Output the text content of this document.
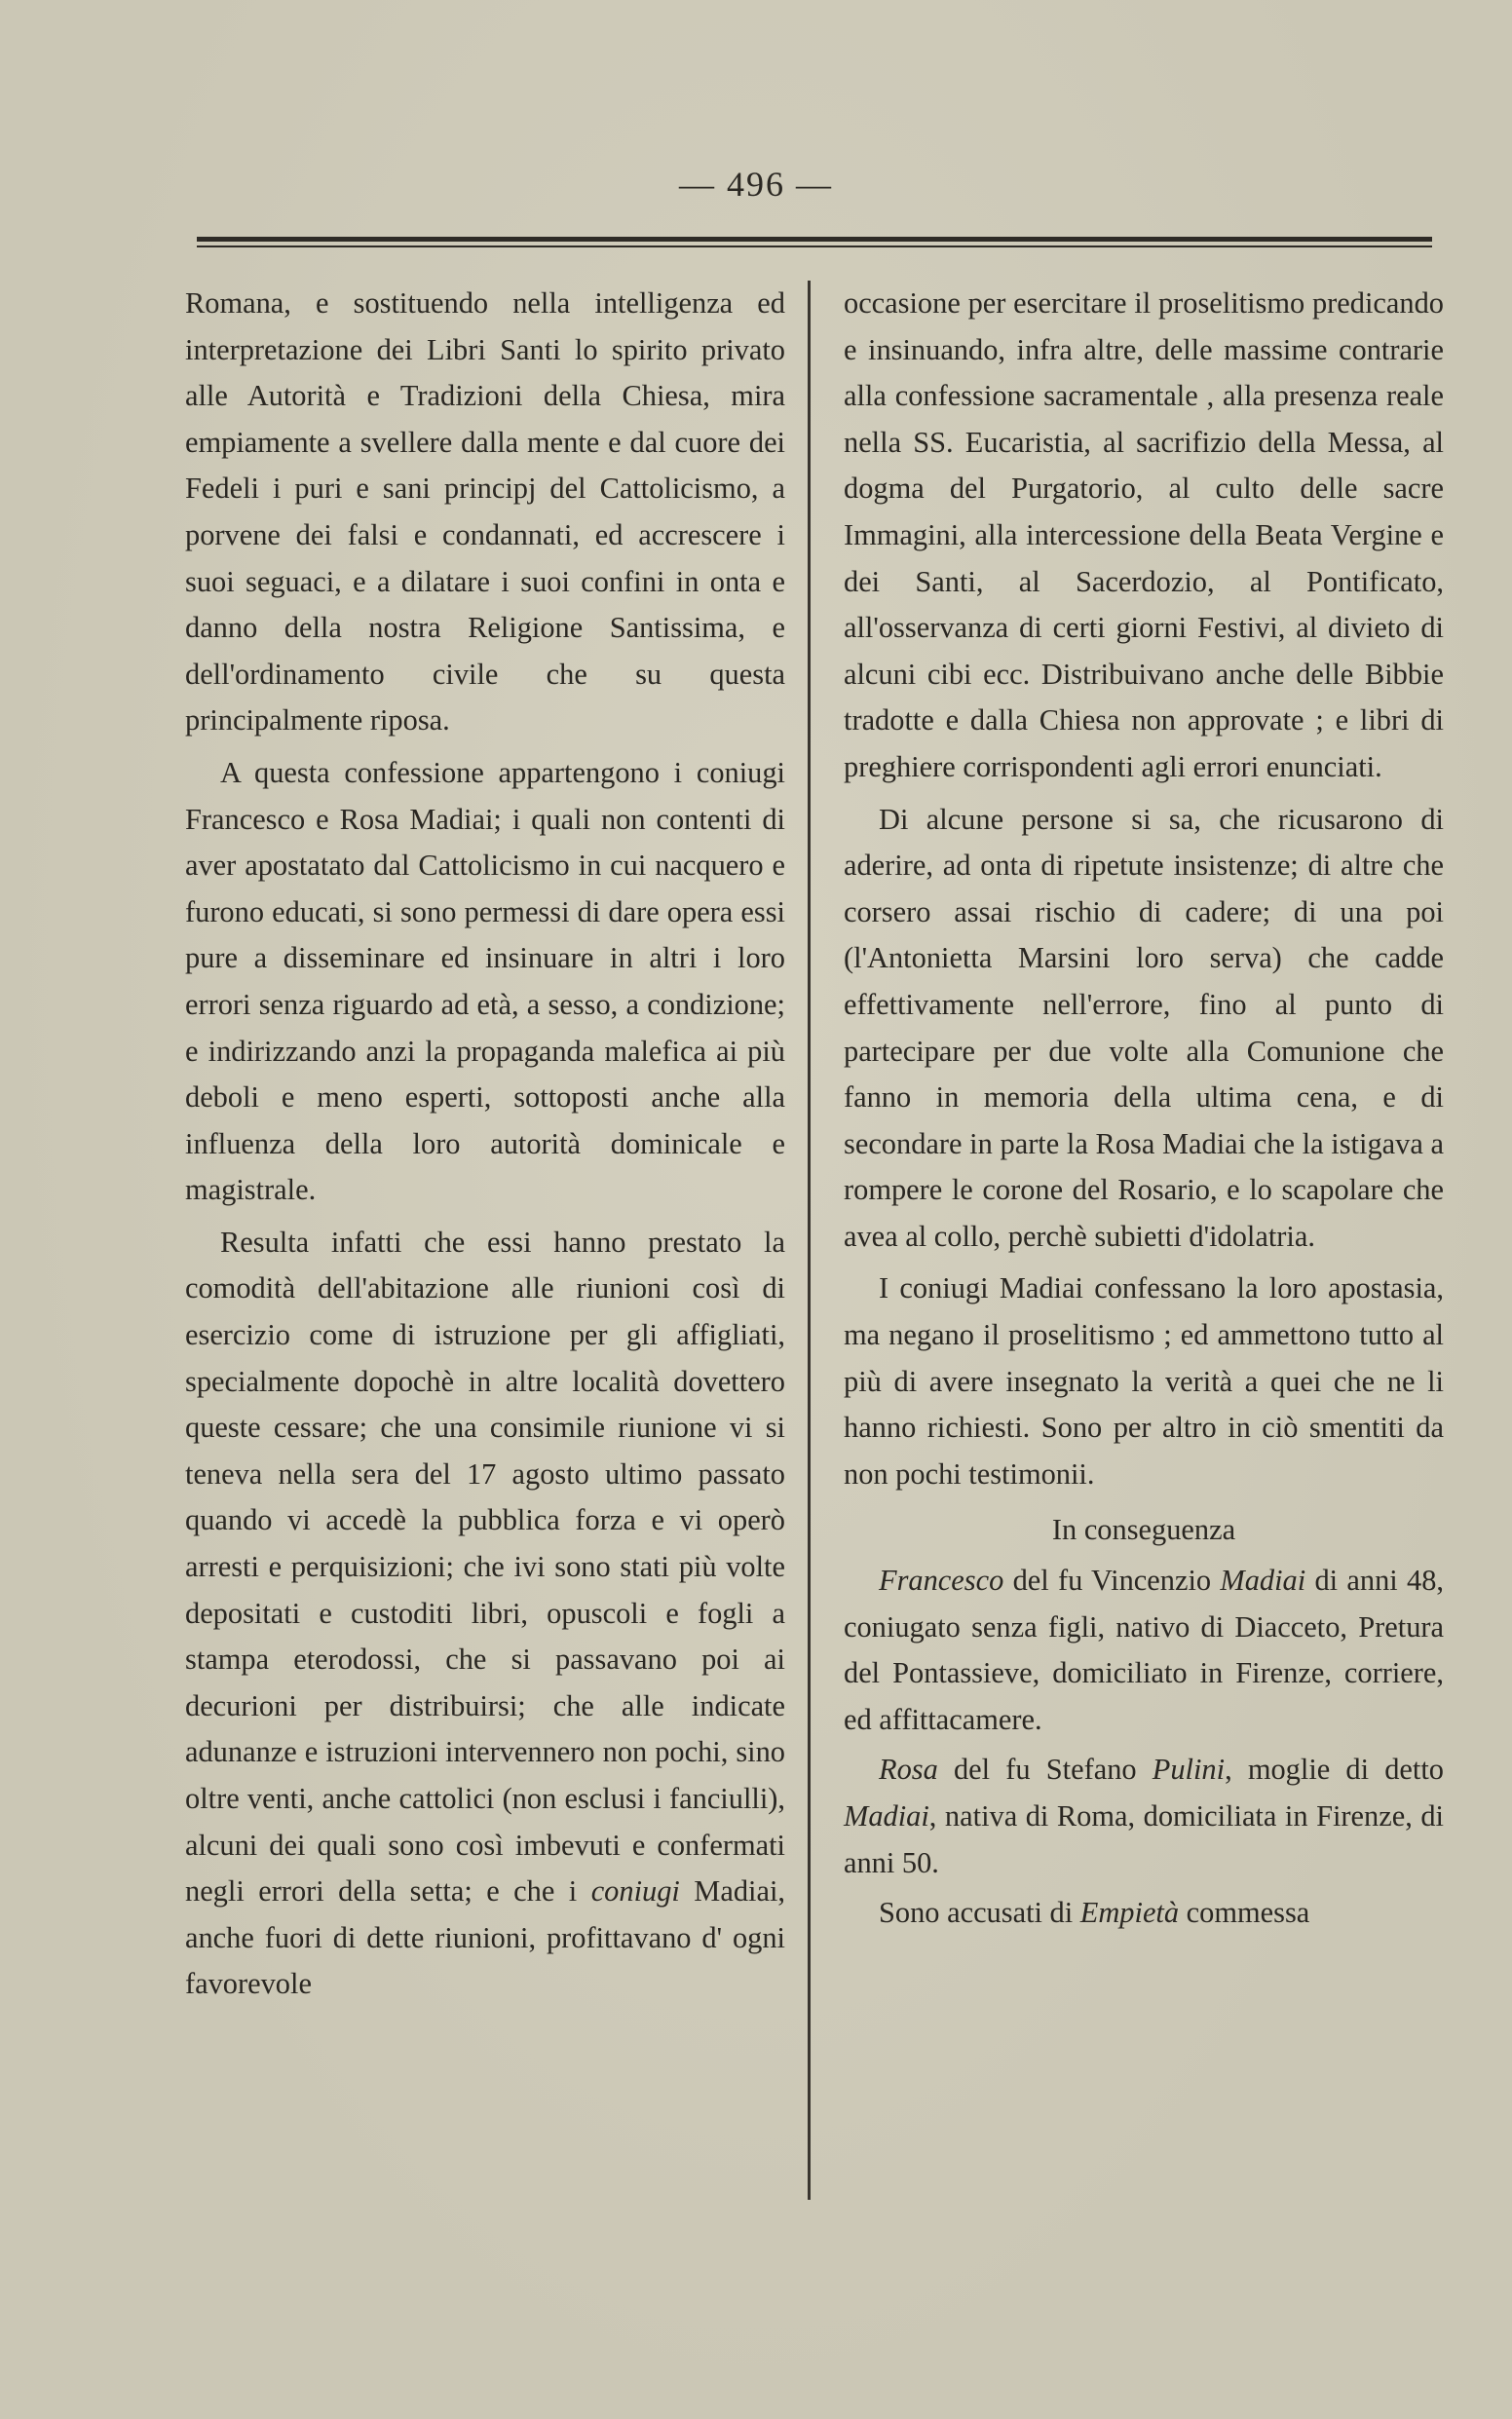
— 496 —

Romana, e sostituendo nella intelligenza ed interpretazione dei Libri Santi lo spirito privato alle Autorità e Tradizioni della Chiesa, mira empiamente a svellere dalla mente e dal cuore dei Fedeli i puri e sani principj del Cattolicismo, a porvene dei falsi e condannati, ed accrescere i suoi seguaci, e a dilatare i suoi confini in onta e danno della nostra Religione Santissima, e dell'ordinamento civile che su questa principalmente riposa.

A questa confessione appartengono i coniugi Francesco e Rosa Madiai; i quali non contenti di aver apostatato dal Cattolicismo in cui nacquero e furono educati, si sono permessi di dare opera essi pure a disseminare ed insinuare in altri i loro errori senza riguardo ad età, a sesso, a condizione; e indirizzando anzi la propaganda malefica ai più deboli e meno esperti, sottoposti anche alla influenza della loro autorità dominicale e magistrale.

Resulta infatti che essi hanno prestato la comodità dell'abitazione alle riunioni così di esercizio come di istruzione per gli affigliati, specialmente dopochè in altre località dovettero queste cessare; che una consimile riunione vi si teneva nella sera del 17 agosto ultimo passato quando vi accedè la pubblica forza e vi operò arresti e perquisizioni; che ivi sono stati più volte depositati e custoditi libri, opuscoli e fogli a stampa eterodossi, che si passavano poi ai decurioni per distribuirsi; che alle indicate adunanze e istruzioni intervennero non pochi, sino oltre venti, anche cattolici (non esclusi i fanciulli), alcuni dei quali sono così imbevuti e confermati negli errori della setta; e che i coniugi Madiai, anche fuori di dette riunioni, profittavano d' ogni favorevole

occasione per esercitare il proselitismo predicando e insinuando, infra altre, delle massime contrarie alla confessione sacramentale , alla presenza reale nella SS. Eucaristia, al sacrifizio della Messa, al dogma del Purgatorio, al culto delle sacre Immagini, alla intercessione della Beata Vergine e dei Santi, al Sacerdozio, al Pontificato, all'osservanza di certi giorni Festivi, al divieto di alcuni cibi ecc. Distribuivano anche delle Bibbie tradotte e dalla Chiesa non approvate ; e libri di preghiere corrispondenti agli errori enunciati.

Di alcune persone si sa, che ricusarono di aderire, ad onta di ripetute insistenze; di altre che corsero assai rischio di cadere; di una poi (l'Antonietta Marsini loro serva) che cadde effettivamente nell'errore, fino al punto di partecipare per due volte alla Comunione che fanno in memoria della ultima cena, e di secondare in parte la Rosa Madiai che la istigava a rompere le corone del Rosario, e lo scapolare che avea al collo, perchè subietti d'idolatria.

I coniugi Madiai confessano la loro apostasia, ma negano il proselitismo ; ed ammettono tutto al più di avere insegnato la verità a quei che ne li hanno richiesti. Sono per altro in ciò smentiti da non pochi testimonii.

In conseguenza

Francesco del fu Vincenzio Madiai di anni 48, coniugato senza figli, nativo di Diacceto, Pretura del Pontassieve, domiciliato in Firenze, corriere, ed affittacamere.

Rosa del fu Stefano Pulini, moglie di detto Madiai, nativa di Roma, domiciliata in Firenze, di anni 50.

Sono accusati di Empietà commessa
